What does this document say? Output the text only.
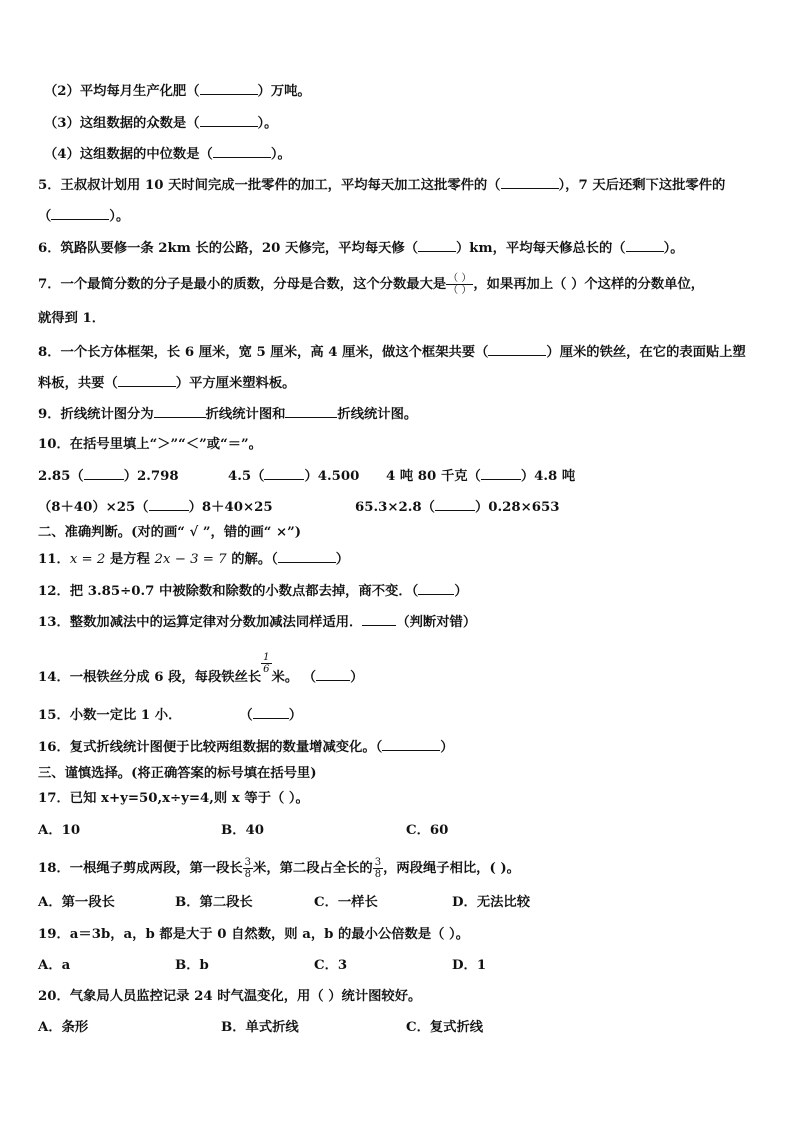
（2）平均每月生产化肥（	）万吨。
（3）这组数据的众数是（	）。
（4）这组数据的中位数是（	）。
5．王叔叔计划用 10 天时间完成一批零件的加工，平均每天加工这批零件的（	），7 天后还剩下这批零件的
（	）。
6．筑路队要修一条 2km 长的公路，20 天修完，平均每天修（	）km，平均每天修总长的（	）。
7．一个最简分数的分子是最小的质数，分母是合数，这个分数最大是 $\frac{( )}{( )}$ ，如果再加上（ ）个这样的分数单位，
就得到 1．
8．一个长方体框架，长 6 厘米，宽 5 厘米，高 4 厘米，做这个框架共要（	）厘米的铁丝，在它的表面贴上塑
料板，共要（	）平方厘米塑料板。
9．折线统计图分为	折线统计图和	折线统计图。
10．在括号里填上“＞”“＜”或“＝”。
2.85（	）2.798	4.5（	）4.500 4 吨 80 千克（	）4.8 吨
（8＋40）×25（	）8＋40×25	65.3×2.8（	）0.28×653
二、准确判断。(对的画“ √ ”，错的画“ ×”)
11．x = 2 是方程 2x − 3 = 7 的解。（	）
12．把 3.85÷0.7 中被除数和除数的小数点都去掉，商不变．（	）
13．整数加减法中的运算定律对分数加减法同样适用．	（判断对错）
14．一根铁丝分成 6 段，每段铁丝长
$\frac{1}{6}$
米。 （	）
15．小数一定比 1 小．	（	）
16．复式折线统计图便于比较两组数据的数量增减变化。（	）
三、谨慎选择。(将正确答案的标号填在括号里)
17．已知 x+y=50,x÷y=4,则 x 等于（ ）。
A．10	B．40	C．60
18．一根绳子剪成两段，第一段长 $\frac{3}{8}$ 米，第二段占全长的 $\frac{3}{8}$ ，两段绳子相比，( )。
A．第一段长	B．第二段长	C．一样长	D．无法比较
19．a＝3b，a，b 都是大于 0 自然数，则 a，b 的最小公倍数是（ ）。
A．a	B．b	C．3	D．1
20．气象局人员监控记录 24 时气温变化，用（ ）统计图较好。
A．条形	B．单式折线	C．复式折线
